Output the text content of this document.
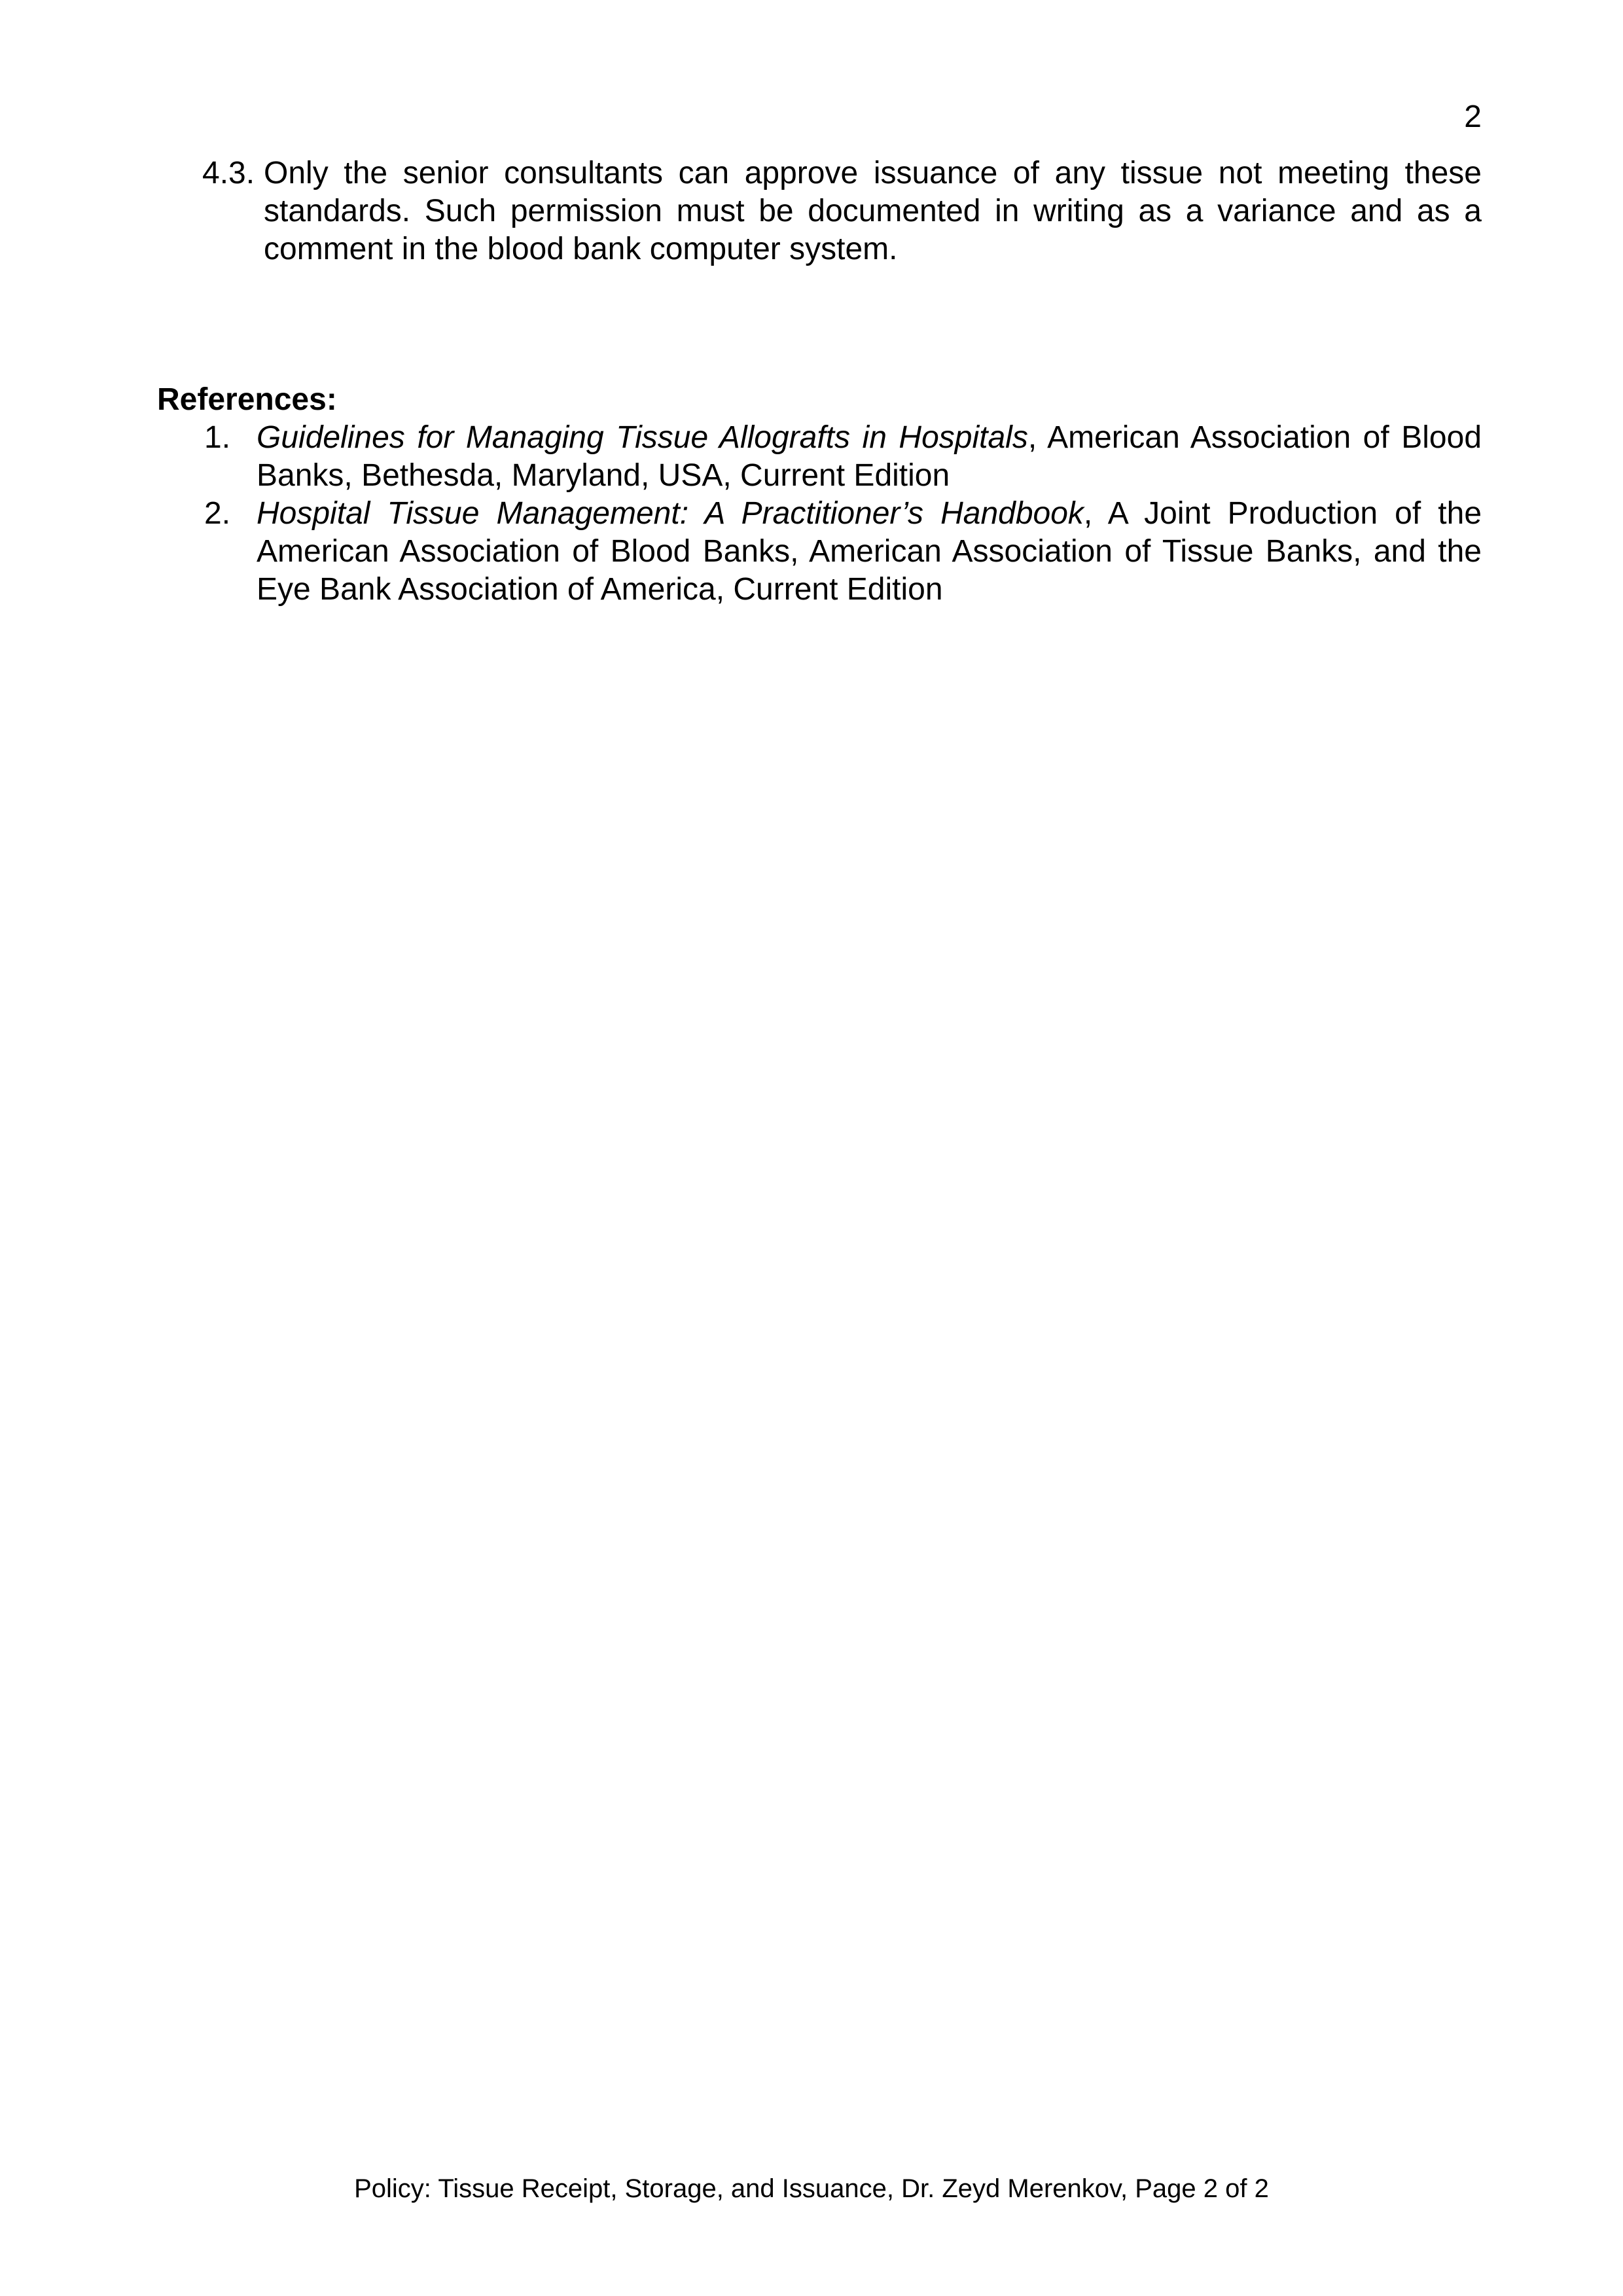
2
4.3. Only the senior consultants can approve issuance of any tissue not meeting these standards. Such permission must be documented in writing as a variance and as a comment in the blood bank computer system.
References:
1. Guidelines for Managing Tissue Allografts in Hospitals, American Association of Blood Banks, Bethesda, Maryland, USA, Current Edition
2. Hospital Tissue Management: A Practitioner’s Handbook, A Joint Production of the American Association of Blood Banks, American Association of Tissue Banks, and the Eye Bank Association of America, Current Edition
Policy: Tissue Receipt, Storage, and Issuance, Dr. Zeyd Merenkov, Page 2 of 2
